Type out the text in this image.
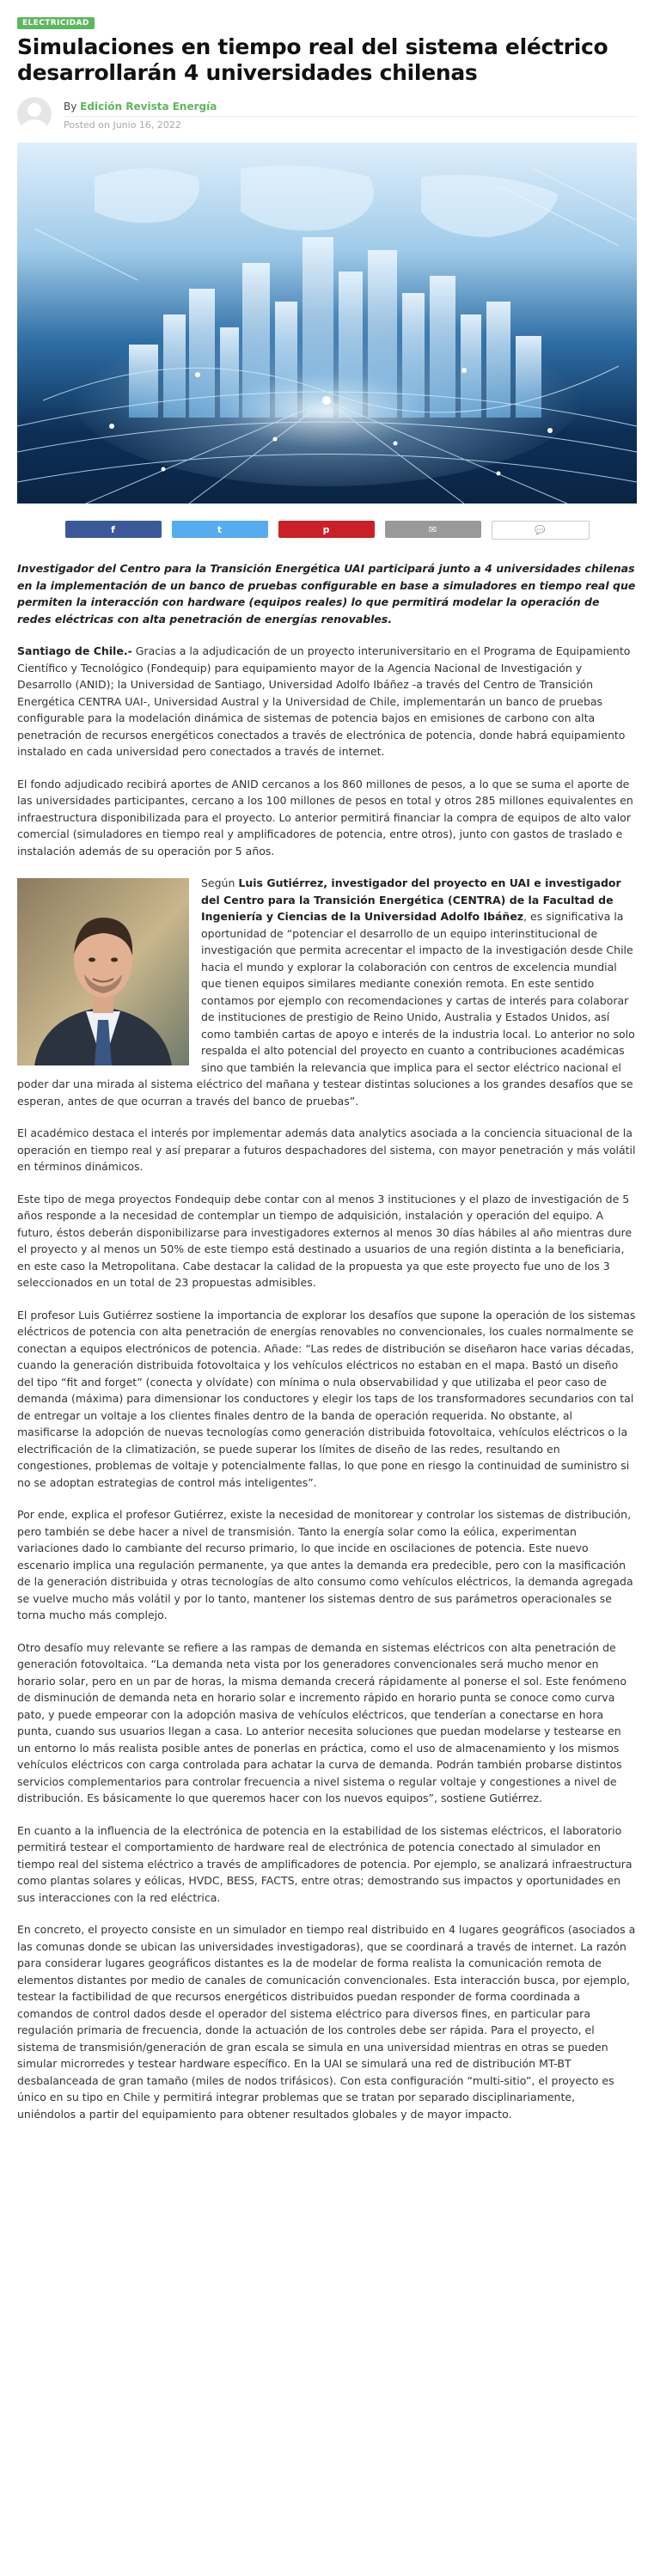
ELECTRICIDAD
Simulaciones en tiempo real del sistema eléctrico desarrollarán 4 universidades chilenas
By Edición Revista Energía
Posted on Junio 16, 2022
f	t	p	✉	💬

Investigador del Centro para la Transición Energética UAI participará junto a 4 universidades chilenas en la implementación de un banco de pruebas configurable en base a simuladores en tiempo real que permiten la interacción con hardware (equipos reales) lo que permitirá modelar la operación de redes eléctricas con alta penetración de energías renovables.

Santiago de Chile.- Gracias a la adjudicación de un proyecto interuniversitario en el Programa de Equipamiento Científico y Tecnológico (Fondequip) para equipamiento mayor de la Agencia Nacional de Investigación y Desarrollo (ANID); la Universidad de Santiago, Universidad Adolfo Ibáñez -a través del Centro de Transición Energética CENTRA UAI-, Universidad Austral y la Universidad de Chile, implementarán un banco de pruebas configurable para la modelación dinámica de sistemas de potencia bajos en emisiones de carbono con alta penetración de recursos energéticos conectados a través de electrónica de potencia, donde habrá equipamiento instalado en cada universidad pero conectados a través de internet.

El fondo adjudicado recibirá aportes de ANID cercanos a los 860 millones de pesos, a lo que se suma el aporte de las universidades participantes, cercano a los 100 millones de pesos en total y otros 285 millones equivalentes en infraestructura disponibilizada para el proyecto. Lo anterior permitirá financiar la compra de equipos de alto valor comercial (simuladores en tiempo real y amplificadores de potencia, entre otros), junto con gastos de traslado e instalación además de su operación por 5 años.

Según Luis Gutiérrez, investigador del proyecto en UAI e investigador del Centro para la Transición Energética (CENTRA) de la Facultad de Ingeniería y Ciencias de la Universidad Adolfo Ibáñez, es significativa la oportunidad de “potenciar el desarrollo de un equipo interinstitucional de investigación que permita acrecentar el impacto de la investigación desde Chile hacia el mundo y explorar la colaboración con centros de excelencia mundial que tienen equipos similares mediante conexión remota. En este sentido contamos por ejemplo con recomendaciones y cartas de interés para colaborar de instituciones de prestigio de Reino Unido, Australia y Estados Unidos, así como también cartas de apoyo e interés de la industria local. Lo anterior no solo respalda el alto potencial del proyecto en cuanto a contribuciones académicas sino que también la relevancia que implica para el sector eléctrico nacional el poder dar una mirada al sistema eléctrico del mañana y testear distintas soluciones a los grandes desafíos que se esperan, antes de que ocurran a través del banco de pruebas”.

El académico destaca el interés por implementar además data analytics asociada a la conciencia situacional de la operación en tiempo real y así preparar a futuros despachadores del sistema, con mayor penetración y más volátil en términos dinámicos.

Este tipo de mega proyectos Fondequip debe contar con al menos 3 instituciones y el plazo de investigación de 5 años responde a la necesidad de contemplar un tiempo de adquisición, instalación y operación del equipo. A futuro, éstos deberán disponibilizarse para investigadores externos al menos 30 días hábiles al año mientras dure el proyecto y al menos un 50% de este tiempo está destinado a usuarios de una región distinta a la beneficiaria, en este caso la Metropolitana. Cabe destacar la calidad de la propuesta ya que este proyecto fue uno de los 3 seleccionados en un total de 23 propuestas admisibles.

El profesor Luis Gutiérrez sostiene la importancia de explorar los desafíos que supone la operación de los sistemas eléctricos de potencia con alta penetración de energías renovables no convencionales, los cuales normalmente se conectan a equipos electrónicos de potencia. Añade: “Las redes de distribución se diseñaron hace varias décadas, cuando la generación distribuida fotovoltaica y los vehículos eléctricos no estaban en el mapa. Bastó un diseño del tipo “fit and forget” (conecta y olvídate) con mínima o nula observabilidad y que utilizaba el peor caso de demanda (máxima) para dimensionar los conductores y elegir los taps de los transformadores secundarios con tal de entregar un voltaje a los clientes finales dentro de la banda de operación requerida. No obstante, al masificarse la adopción de nuevas tecnologías como generación distribuida fotovoltaica, vehículos eléctricos o la electrificación de la climatización, se puede superar los límites de diseño de las redes, resultando en congestiones, problemas de voltaje y potencialmente fallas, lo que pone en riesgo la continuidad de suministro si no se adoptan estrategias de control más inteligentes”.

Por ende, explica el profesor Gutiérrez, existe la necesidad de monitorear y controlar los sistemas de distribución, pero también se debe hacer a nivel de transmisión. Tanto la energía solar como la eólica, experimentan variaciones dado lo cambiante del recurso primario, lo que incide en oscilaciones de potencia. Este nuevo escenario implica una regulación permanente, ya que antes la demanda era predecible, pero con la masificación de la generación distribuida y otras tecnologías de alto consumo como vehículos eléctricos, la demanda agregada se vuelve mucho más volátil y por lo tanto, mantener los sistemas dentro de sus parámetros operacionales se torna mucho más complejo.

Otro desafío muy relevante se refiere a las rampas de demanda en sistemas eléctricos con alta penetración de generación fotovoltaica. “La demanda neta vista por los generadores convencionales será mucho menor en horario solar, pero en un par de horas, la misma demanda crecerá rápidamente al ponerse el sol. Este fenómeno de disminución de demanda neta en horario solar e incremento rápido en horario punta se conoce como curva pato, y puede empeorar con la adopción masiva de vehículos eléctricos, que tenderían a conectarse en hora punta, cuando sus usuarios llegan a casa. Lo anterior necesita soluciones que puedan modelarse y testearse en un entorno lo más realista posible antes de ponerlas en práctica, como el uso de almacenamiento y los mismos vehículos eléctricos con carga controlada para achatar la curva de demanda. Podrán también probarse distintos servicios complementarios para controlar frecuencia a nivel sistema o regular voltaje y congestiones a nivel de distribución. Es básicamente lo que queremos hacer con los nuevos equipos”, sostiene Gutiérrez.

En cuanto a la influencia de la electrónica de potencia en la estabilidad de los sistemas eléctricos, el laboratorio permitirá testear el comportamiento de hardware real de electrónica de potencia conectado al simulador en tiempo real del sistema eléctrico a través de amplificadores de potencia. Por ejemplo, se analizará infraestructura como plantas solares y eólicas, HVDC, BESS, FACTS, entre otras; demostrando sus impactos y oportunidades en sus interacciones con la red eléctrica.

En concreto, el proyecto consiste en un simulador en tiempo real distribuido en 4 lugares geográficos (asociados a las comunas donde se ubican las universidades investigadoras), que se coordinará a través de internet. La razón para considerar lugares geográficos distantes es la de modelar de forma realista la comunicación remota de elementos distantes por medio de canales de comunicación convencionales. Esta interacción busca, por ejemplo, testear la factibilidad de que recursos energéticos distribuidos puedan responder de forma coordinada a comandos de control dados desde el operador del sistema eléctrico para diversos fines, en particular para regulación primaria de frecuencia, donde la actuación de los controles debe ser rápida. Para el proyecto, el sistema de transmisión/generación de gran escala se simula en una universidad mientras en otras se pueden simular microrredes y testear hardware específico. En la UAI se simulará una red de distribución MT-BT desbalanceada de gran tamaño (miles de nodos trifásicos). Con esta configuración “multi-sitio”, el proyecto es único en su tipo en Chile y permitirá integrar problemas que se tratan por separado disciplinariamente, uniéndolos a partir del equipamiento para obtener resultados globales y de mayor impacto.
